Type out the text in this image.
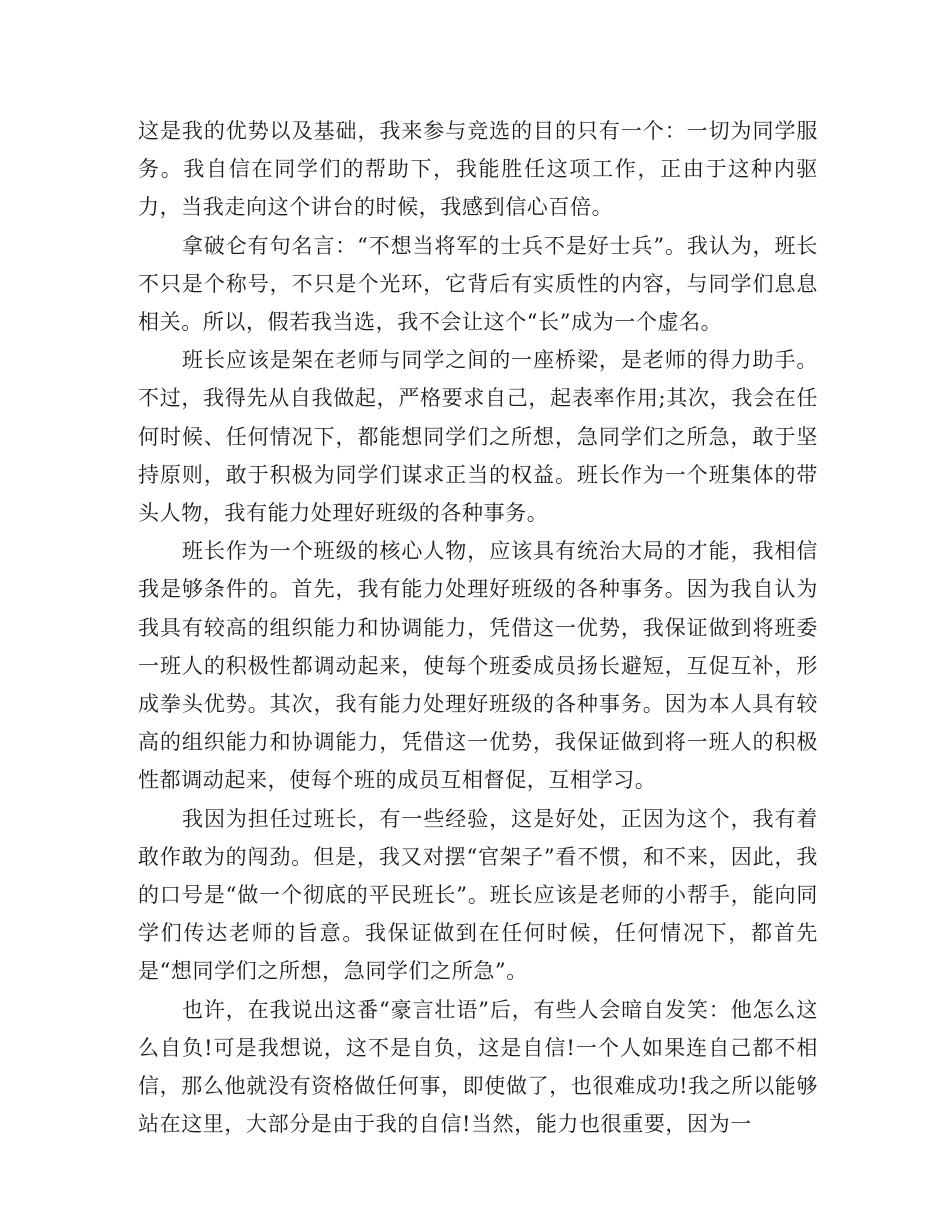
这是我的优势以及基础，我来参与竞选的目的只有一个：一切为同学服务。我自信在同学们的帮助下，我能胜任这项工作，正由于这种内驱力，当我走向这个讲台的时候，我感到信心百倍。

拿破仑有句名言：“不想当将军的士兵不是好士兵”。我认为，班长不只是个称号，不只是个光环，它背后有实质性的内容，与同学们息息相关。所以，假若我当选，我不会让这个“长”成为一个虚名。

班长应该是架在老师与同学之间的一座桥梁，是老师的得力助手。不过，我得先从自我做起，严格要求自己，起表率作用;其次，我会在任何时候、任何情况下，都能想同学们之所想，急同学们之所急，敢于坚持原则，敢于积极为同学们谋求正当的权益。班长作为一个班集体的带头人物，我有能力处理好班级的各种事务。

班长作为一个班级的核心人物，应该具有统治大局的才能，我相信我是够条件的。首先，我有能力处理好班级的各种事务。因为我自认为我具有较高的组织能力和协调能力，凭借这一优势，我保证做到将班委一班人的积极性都调动起来，使每个班委成员扬长避短，互促互补，形成拳头优势。其次，我有能力处理好班级的各种事务。因为本人具有较高的组织能力和协调能力，凭借这一优势，我保证做到将一班人的积极性都调动起来，使每个班的成员互相督促，互相学习。

我因为担任过班长，有一些经验，这是好处，正因为这个，我有着敢作敢为的闯劲。但是，我又对摆“官架子”看不惯，和不来，因此，我的口号是“做一个彻底的平民班长”。班长应该是老师的小帮手，能向同学们传达老师的旨意。我保证做到在任何时候，任何情况下，都首先是“想同学们之所想，急同学们之所急”。

也许，在我说出这番“豪言壮语”后，有些人会暗自发笑：他怎么这么自负!可是我想说，这不是自负，这是自信!一个人如果连自己都不相信，那么他就没有资格做任何事，即使做了，也很难成功!我之所以能够站在这里，大部分是由于我的自信!当然，能力也很重要，因为一
